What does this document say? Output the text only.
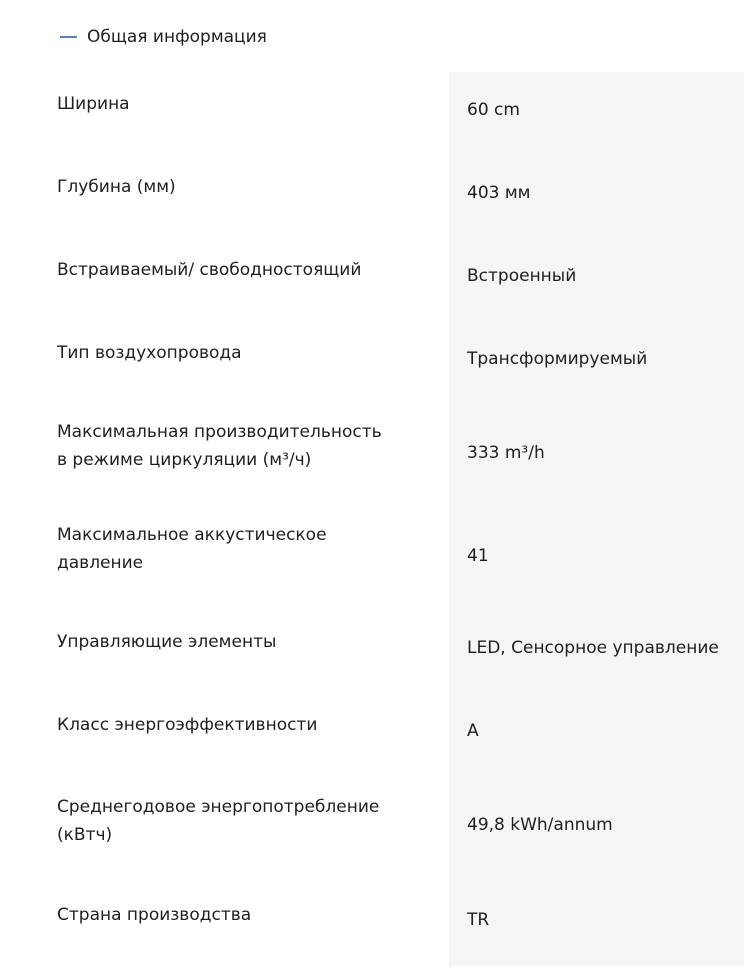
Общая информация
Ширина	60 cm
Глубина (мм)	403 мм
Встраиваемый/ свободностоящий	Встроенный
Тип воздухопровода	Трансформируемый
Максимальная производительность в режиме циркуляции (м³/ч)	333 m³/h
Максимальное аккустическое давление	41
Управляющие элементы	LED, Сенсорное управление
Класс энергоэффективности	A
Среднегодовое энергопотребление (кВтч)	49,8 kWh/annum
Страна производства	TR
